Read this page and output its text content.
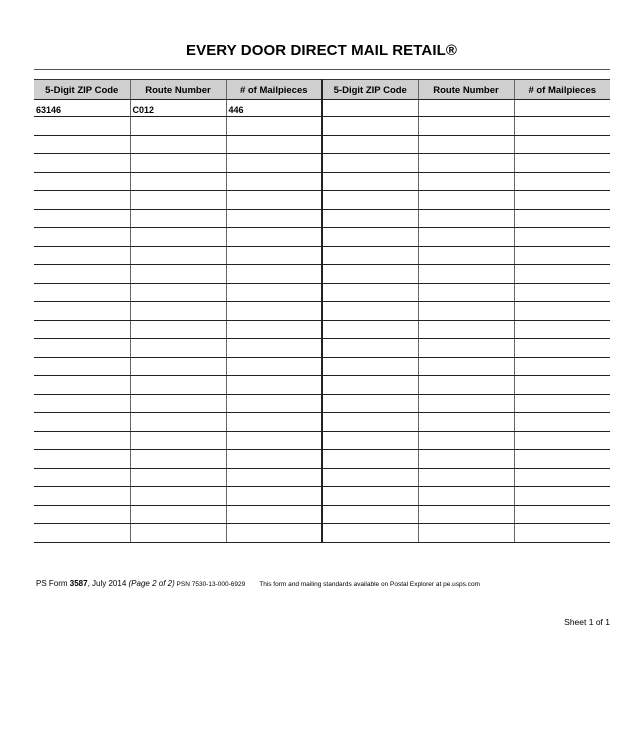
EVERY DOOR DIRECT MAIL RETAIL®
5-Digit ZIP Code	Route Number	# of Mailpieces	5-Digit ZIP Code	Route Number	# of Mailpieces
63146	C012	446			

PS Form 3587, July 2014 (Page 2 of 2) PSN 7530-13-000-6929 This form and mailing standards available on Postal Explorer at pe.usps.com
Sheet 1 of 1
